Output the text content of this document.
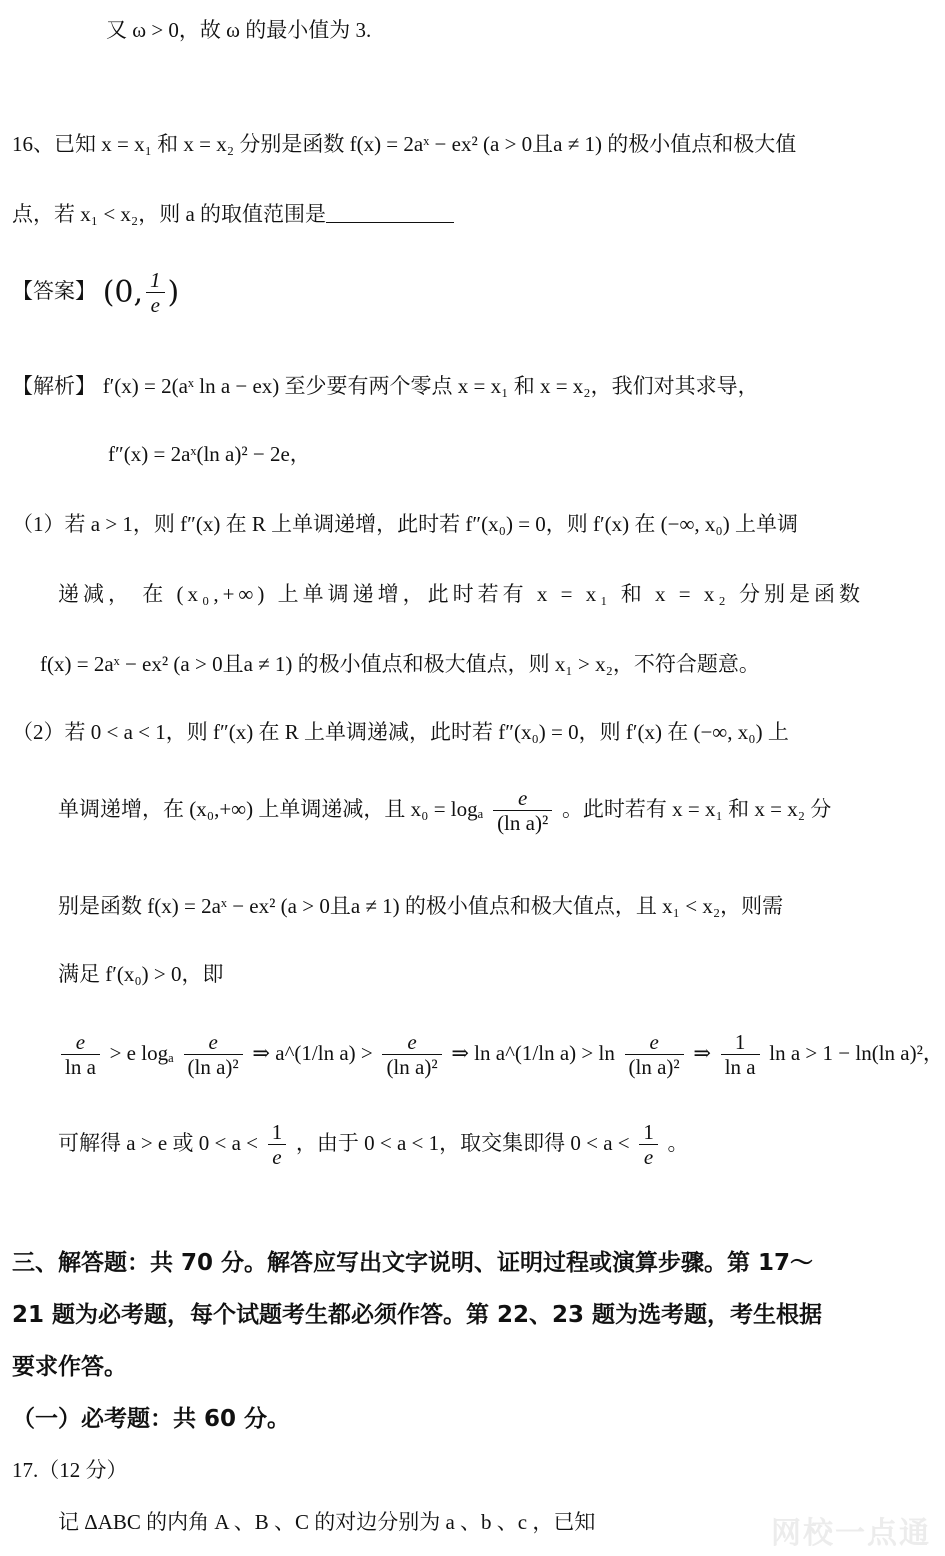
又 ω > 0，故 ω 的最小值为 3.
16、已知 x = x₁ 和 x = x₂ 分别是函数 f(x) = 2aˣ − ex² (a > 0且a ≠ 1) 的极小值点和极大值
点，若 x₁ < x₂，则 a 的取值范围是
【答案】 (0, $\frac{1}{e}$ )
【解析】 f′(x) = 2(aˣ ln a − ex) 至少要有两个零点 x = x₁ 和 x = x₂，我们对其求导，
f″(x) = 2aˣ(ln a)² − 2e，
（1）若 a > 1，则 f″(x) 在 R 上单调递增，此时若 f″(x₀) = 0，则 f′(x) 在 (−∞, x₀) 上单调
递减， 在 (x₀,+∞) 上单调递增，此时若有 x = x₁ 和 x = x₂ 分别是函数
f(x) = 2aˣ − ex² (a > 0且a ≠ 1) 的极小值点和极大值点，则 x₁ > x₂，不符合题意。
（2）若 0 < a < 1，则 f″(x) 在 R 上单调递减，此时若 f″(x₀) = 0，则 f′(x) 在 (−∞, x₀) 上
单调递增，在 (x₀,+∞) 上单调递减，且 x₀ = logₐ $\frac{e}{\text{(ln a)²}}$ 。此时若有 x = x₁ 和 x = x₂ 分
别是函数 f(x) = 2aˣ − ex² (a > 0且a ≠ 1) 的极小值点和极大值点，且 x₁ < x₂，则需
满足 f′(x₀) > 0，即
$\frac{e}{\text{ln a}} > e$ logₐ $\frac{e}{\text{(ln a)²}}$ ⇒ a^(1/ln $a) > \frac{e}{\text{(ln a)²}}$ ⇒ ln a^(1/ln $a) > \ln \frac{e}{\text{(ln a)²}}$ ⇒ $\frac{1}{\text{ln a}}$ ln a > 1 − ln(ln a)²，
可解得 a > e 或 $0 < a < \frac{1}{e}$ ，由于 0 < a < 1，取交集即得 $0 < a < \frac{1}{e}$ 。
三、解答题：共 70 分。解答应写出文字说明、证明过程或演算步骤。第 17～
21 题为必考题，每个试题考生都必须作答。第 22、23 题为选考题，考生根据
要求作答。
（一）必考题：共 60 分。
17.（12 分）
记 ΔABC 的内角 A 、B 、C 的对边分别为 a 、b 、c ，已知	网校一点通
